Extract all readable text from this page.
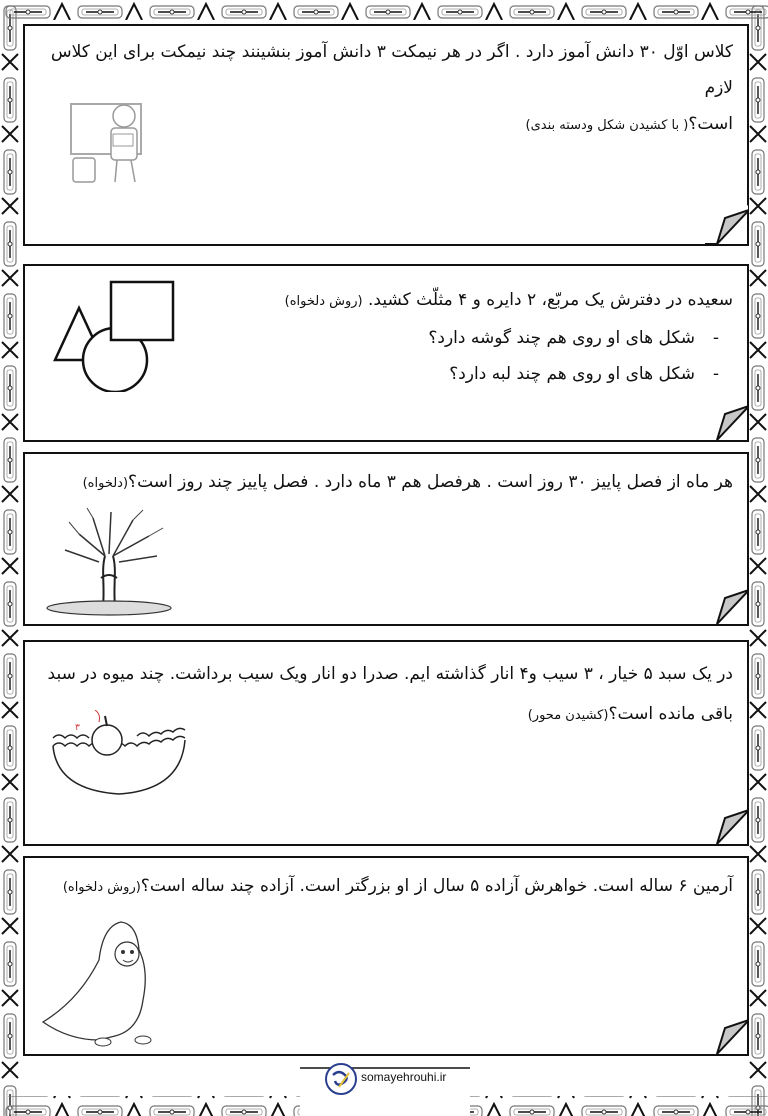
کلاس اوّل ۳۰ دانش آموز دارد . اگر در هر نیمکت ۳ دانش آموز بنشینند چند نیمکت برای این کلاس لازم
است؟( با کشیدن شکل ودسته بندی)
سعیده در دفترش یک مربّع، ۲ دایره و ۴ مثلّث کشید. (روش دلخواه)
- شکل های او روی هم چند گوشه دارد؟
- شکل های او روی هم چند لبه دارد؟
هر ماه از فصل پاییز ۳۰ روز است . هرفصل هم ۳ ماه دارد . فصل پاییز چند روز است؟(دلخواه)
در یک سبد ۵ خیار ، ۳ سیب و۴ انار گذاشته ایم. صدرا دو انار ویک سیب برداشت. چند میوه در سبد
باقی مانده است؟(کشیدن محور)
۳
آرمین ۶ ساله است. خواهرش آزاده ۵ سال از او بزرگتر است. آزاده چند ساله است؟(روش دلخواه)
somayehrouhi.ir
